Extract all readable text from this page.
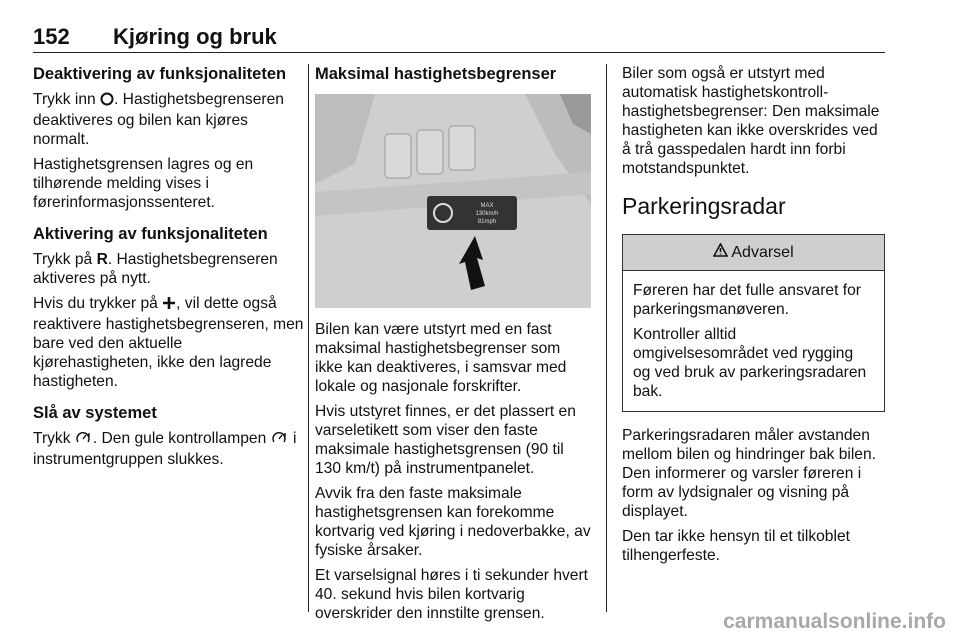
152 Kjøring og bruk
Deaktivering av funksjonaliteten

Trykk inn . Hastighetsbegrenseren deaktiveres og bilen kan kjøres normalt.

Hastighetsgrensen lagres og en tilhørende melding vises i førerinformasjonssenteret.

Aktivering av funksjonaliteten

Trykk på R. Hastighetsbegrenseren aktiveres på nytt.

Hvis du trykker på , vil dette også reaktivere hastighetsbegrenseren, men bare ved den aktuelle kjørehastigheten, ikke den lagrede hastigheten.

Slå av systemet

Trykk . Den gule kontrollampen i instrumentgruppen slukkes.

Maksimal hastighetsbegrenser
MAX
130km/h
81mph

Bilen kan være utstyrt med en fast maksimal hastighetsbegrenser som ikke kan deaktiveres, i samsvar med lokale og nasjonale forskrifter.

Hvis utstyret finnes, er det plassert en varseletikett som viser den faste maksimale hastighetsgrensen (90 til 130 km/t) på instrumentpanelet.

Avvik fra den faste maksimale hastighetsgrensen kan forekomme kortvarig ved kjøring i nedoverbakke, av fysiske årsaker.

Et varselsignal høres i ti sekunder hvert 40. sekund hvis bilen kortvarig overskrider den innstilte grensen.

Biler som også er utstyrt med automatisk hastighetskontroll-hastighetsbegrenser: Den maksimale hastigheten kan ikke overskrides ved å trå gasspedalen hardt inn forbi motstandspunktet.

Parkeringsradar
Advarsel

Føreren har det fulle ansvaret for parkeringsmanøveren.

Kontroller alltid omgivelsesområdet ved rygging og ved bruk av parkeringsradaren bak.

Parkeringsradaren måler avstanden mellom bilen og hindringer bak bilen. Den informerer og varsler føreren i form av lydsignaler og visning på displayet.

Den tar ikke hensyn til et tilkoblet tilhengerfeste.

carmanualsonline.info
